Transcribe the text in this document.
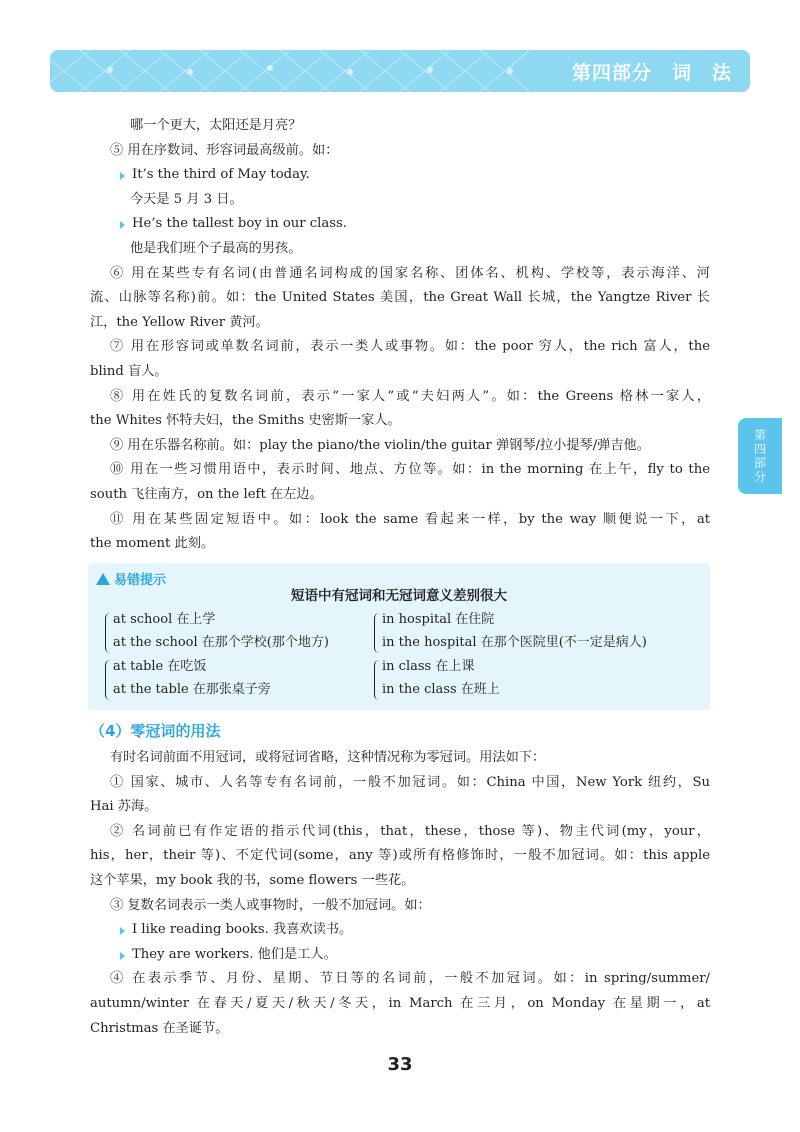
第四部分　词　法
第四部分
哪一个更大，太阳还是月亮？
⑤ 用在序数词、形容词最高级前。如：
It’s the third of May today.
今天是 5 月 3 日。
He’s the tallest boy in our class.
他是我们班个子最高的男孩。
⑥ 用在某些专有名词(由普通名词构成的国家名称、团体名、机构、学校等，表示海洋、河
流、山脉等名称)前。如：the United States 美国，the Great Wall 长城，the Yangtze River 长
江，the Yellow River 黄河。
⑦ 用在形容词或单数名词前，表示一类人或事物。如：the poor 穷人，the rich 富人，the
blind 盲人。
⑧ 用在姓氏的复数名词前，表示“一家人”或“夫妇两人”。如：the Greens 格林一家人，
the Whites 怀特夫妇，the Smiths 史密斯一家人。
⑨ 用在乐器名称前。如：play the piano/the violin/the guitar 弹钢琴/拉小提琴/弹吉他。
⑩ 用在一些习惯用语中，表示时间、地点、方位等。如：in the morning 在上午，fly to the
south 飞往南方，on the left 在左边。
⑪ 用在某些固定短语中。如：look the same 看起来一样，by the way 顺便说一下，at
the moment 此刻。
易错提示
短语中有冠词和无冠词意义差别很大
at school 在上学
at the school 在那个学校(那个地方)
in hospital 在住院
in the hospital 在那个医院里(不一定是病人)
at table 在吃饭
at the table 在那张桌子旁
in class 在上课
in the class 在班上
（4）零冠词的用法
有时名词前面不用冠词，或将冠词省略，这种情况称为零冠词。用法如下：
① 国家、城市、人名等专有名词前，一般不加冠词。如：China 中国，New York 纽约，Su
Hai 苏海。
② 名词前已有作定语的指示代词(this，that，these，those 等)、物主代词(my，your，
his，her，their 等)、不定代词(some，any 等)或所有格修饰时，一般不加冠词。如：this apple
这个苹果，my book 我的书，some flowers 一些花。
③ 复数名词表示一类人或事物时，一般不加冠词。如：
I like reading books. 我喜欢读书。
They are workers. 他们是工人。
④ 在表示季节、月份、星期、节日等的名词前，一般不加冠词。如：in spring/summer/
autumn/winter 在春天/夏天/秋天/冬天，in March 在三月，on Monday 在星期一，at
Christmas 在圣诞节。
33
